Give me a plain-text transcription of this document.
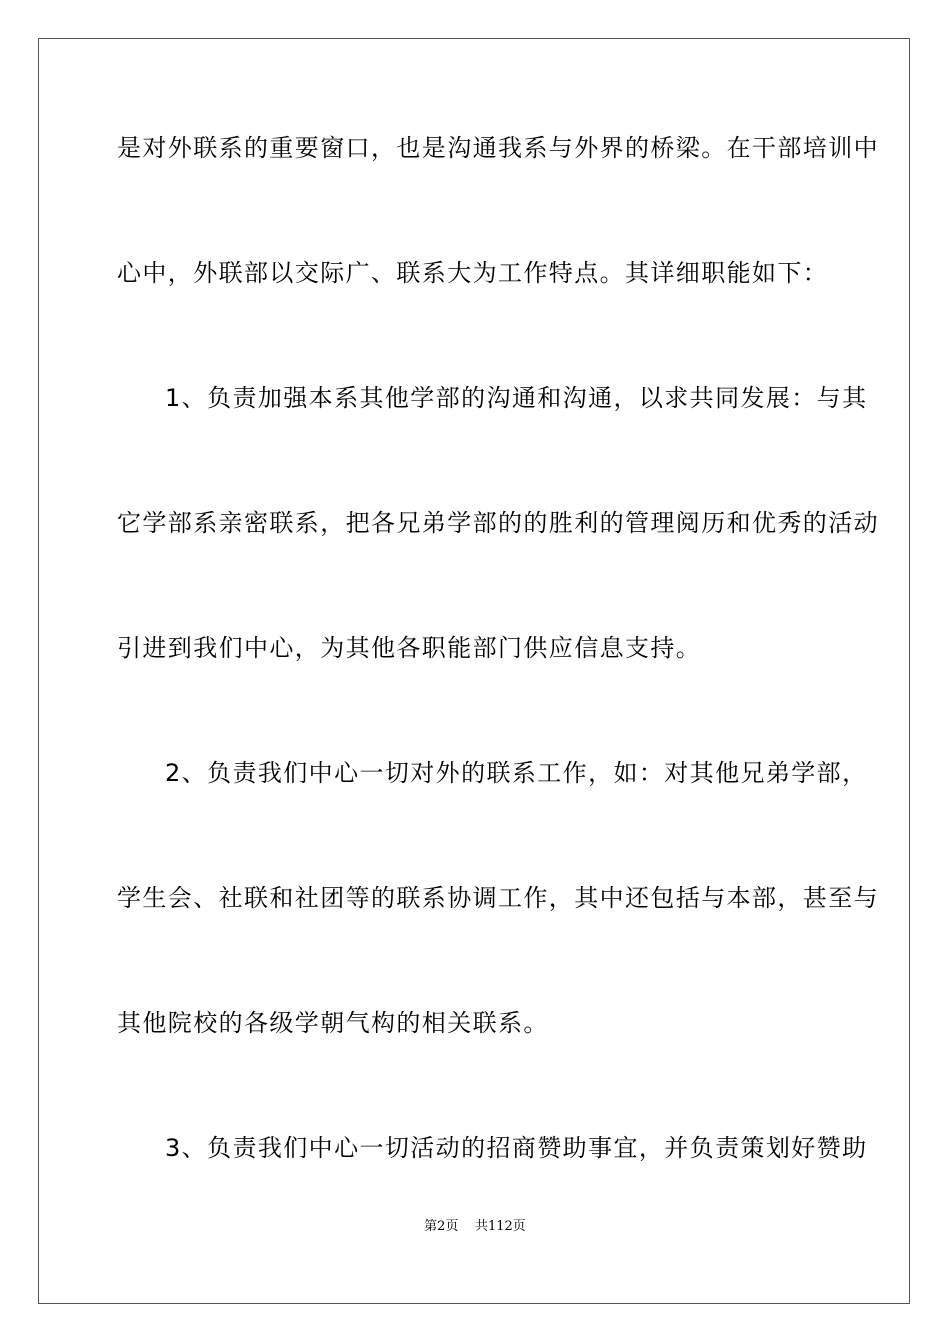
是对外联系的重要窗口，也是沟通我系与外界的桥梁。在干部培训中
心中，外联部以交际广、联系大为工作特点。其详细职能如下：
1、负责加强本系其他学部的沟通和沟通，以求共同发展：与其
它学部系亲密联系，把各兄弟学部的的胜利的管理阅历和优秀的活动
引进到我们中心，为其他各职能部门供应信息支持。
2、负责我们中心一切对外的联系工作，如：对其他兄弟学部，
学生会、社联和社团等的联系协调工作，其中还包括与本部，甚至与
其他院校的各级学朝气构的相关联系。
3、负责我们中心一切活动的招商赞助事宜，并负责策划好赞助
第2页 共112页
